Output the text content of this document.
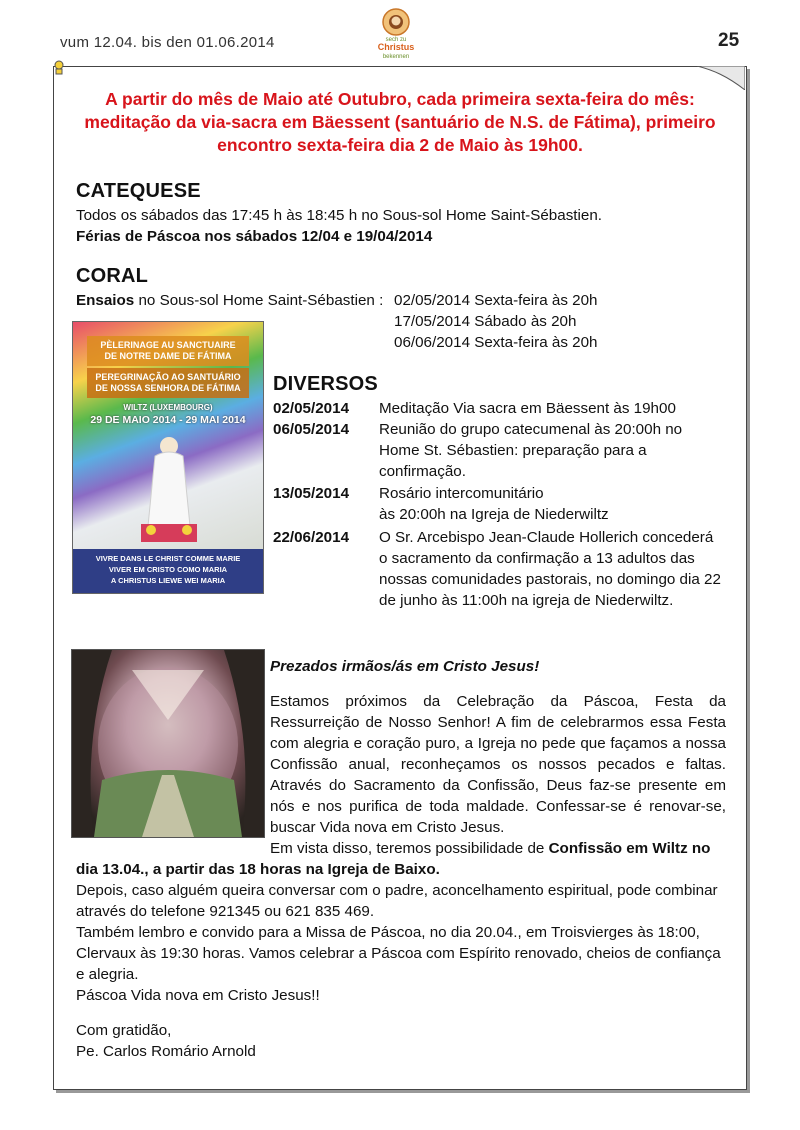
vum 12.04. bis den 01.06.2014	25
sech zu
Christus
bekennen
A partir do mês de Maio até Outubro, cada primeira sexta-feira do mês:
meditação da via-sacra em Bäessent (santuário de N.S. de Fátima), primeiro
encontro sexta-feira dia 2 de Maio às 19h00.
CATEQUESE
Todos os sábados das 17:45 h às 18:45 h no Sous-sol Home Saint-Sébastien.
Férias de Páscoa nos sábados 12/04 e 19/04/2014
CORAL
Ensaios no Sous-sol Home Saint-Sébastien : 02/05/2014 Sexta-feira às 20h
17/05/2014 Sábado às 20h
06/06/2014 Sexta-feira às 20h
PÈLERINAGE AU SANCTUAIRE
DE NOTRE DAME DE FÁTIMA
PEREGRINAÇÃO AO SANTUÁRIO
DE NOSSA SENHORA DE FÁTIMA
WILTZ (LUXEMBOURG)
29 DE MAIO 2014 - 29 MAI 2014
VIVRE DANS LE CHRIST COMME MARIE
VIVER EM CRISTO COMO MARIA
A CHRISTUS LIEWE WEI MARIA
DIVERSOS
02/05/2014 Meditação Via sacra em Bäessent às 19h00
06/05/2014 Reunião do grupo catecumenal às 20:00h no
Home St. Sébastien: preparação para a
confirmação.
13/05/2014 Rosário intercomunitário
às 20:00h na Igreja de Niederwiltz
22/06/2014 O Sr. Arcebispo Jean-Claude Hollerich concederá
o sacramento da confirmação a 13 adultos das
nossas comunidades pastorais, no domingo dia 22
de junho às 11:00h na igreja de Niederwiltz.
Prezados irmãos/ás em Cristo Jesus!
Estamos próximos da Celebração da Páscoa, Festa da Ressurreição de Nosso Senhor! A fim de celebrarmos essa Festa com alegria e coração puro, a Igreja no pede que façamos a nossa Confissão anual, reconheçamos os nossos pecados e faltas. Através do Sacramento da Confissão, Deus faz-se presente em nós e nos purifica de toda maldade. Confessar-se é renovar-se, buscar Vida nova em Cristo Jesus.
Em vista disso, teremos possibilidade de Confissão em Wiltz no
dia 13.04., a partir das 18 horas na Igreja de Baixo.
Depois, caso alguém queira conversar com o padre, aconcelhamento espiritual, pode combinar através do telefone 921345 ou 621 835 469.
Também lembro e convido para a Missa de Páscoa, no dia 20.04., em Troisvierges às 18:00, Clervaux às 19:30 horas. Vamos celebrar a Páscoa com Espírito renovado, cheios de confiança e alegria.
Páscoa Vida nova em Cristo Jesus!!
Com gratidão,
Pe. Carlos Romário Arnold
